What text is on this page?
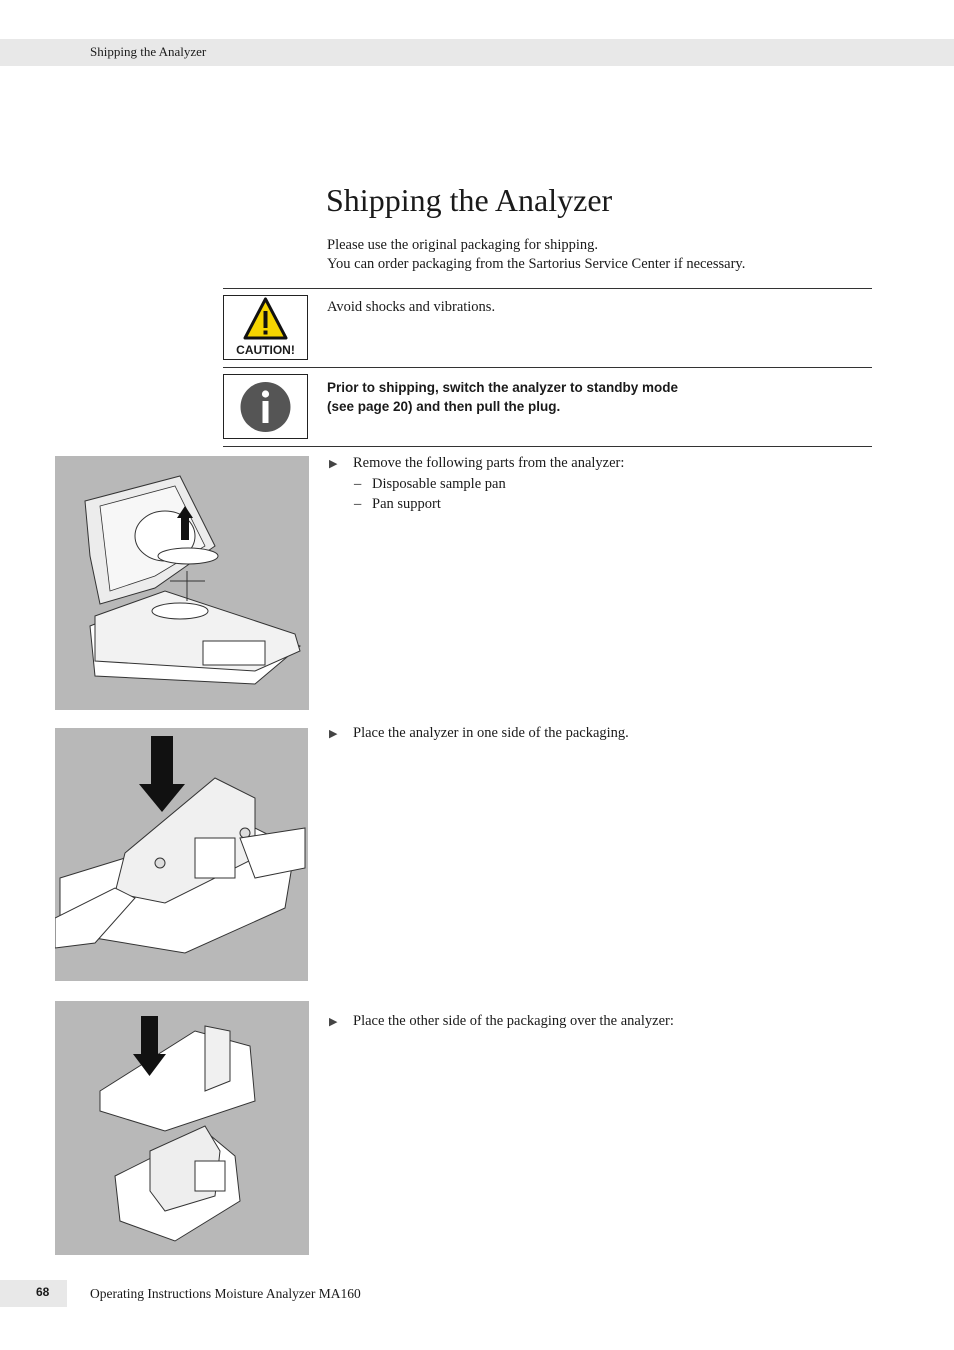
Shipping the Analyzer
Shipping the Analyzer
Please use the original packaging for shipping.
You can order packaging from the Sartorius Service Center if necessary.
CAUTION!
Avoid shocks and vibrations.
Prior to shipping, switch the analyzer to standby mode
(see page 20) and then pull the plug.
▶ Remove the following parts from the analyzer:
– Disposable sample pan
– Pan support
▶ Place the analyzer in one side of the packaging.
▶ Place the other side of the packaging over the analyzer:
68	Operating Instructions Moisture Analyzer MA160
